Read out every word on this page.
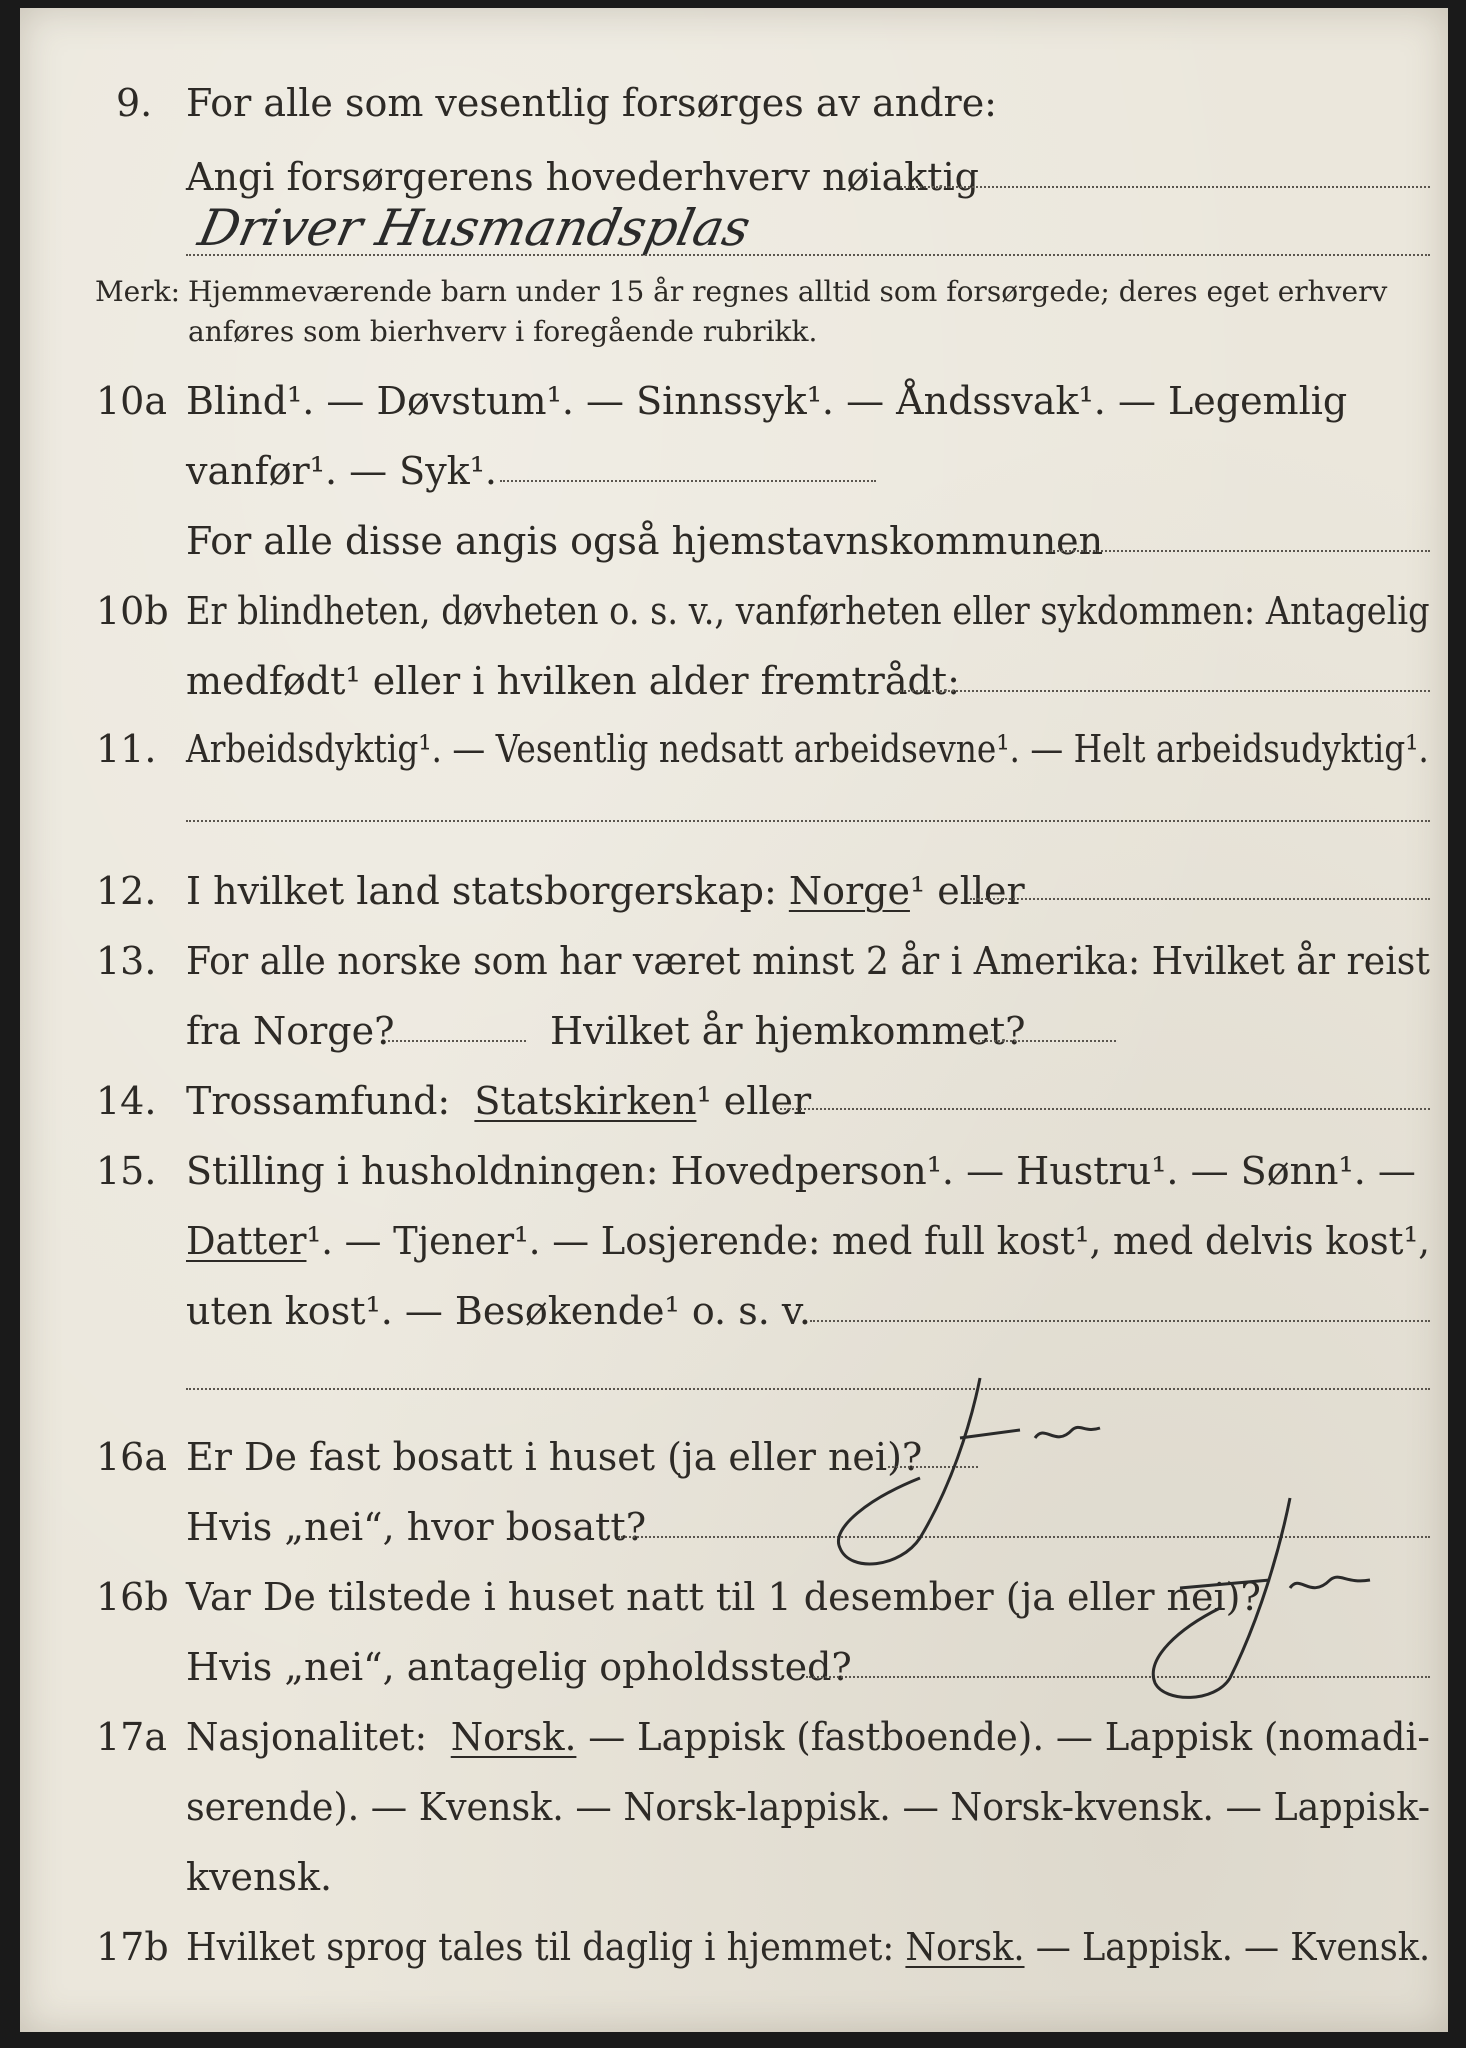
9. For alle som vesentlig forsørges av andre:
Angi forsørgerens hovederhverv nøiaktig
Driver Husmandsplas
Merk: Hjemmeværende barn under 15 år regnes alltid som forsørgede; deres eget erhverv
anføres som bierhverv i foregående rubrikk.
10a Blind¹. — Døvstum¹. — Sinnssyk¹. — Åndssvak¹. — Legemlig
vanfør¹. — Syk¹.
For alle disse angis også hjemstavnskommunen
10b Er blindheten, døvheten o. s. v., vanførheten eller sykdommen: Antagelig
medfødt¹ eller i hvilken alder fremtrådt:
11. Arbeidsdyktig¹. — Vesentlig nedsatt arbeidsevne¹. — Helt arbeidsudyktig¹.
12. I hvilket land statsborgerskap: Norge¹ eller
13. For alle norske som har været minst 2 år i Amerika: Hvilket år reist
fra Norge?	Hvilket år hjemkommet?
14. Trossamfund: Statskirken¹ eller
15. Stilling i husholdningen: Hovedperson¹. — Hustru¹. — Sønn¹. —
Datter¹. — Tjener¹. — Losjerende: med full kost¹, med delvis kost¹,
uten kost¹. — Besøkende¹ o. s. v.
16a Er De fast bosatt i huset (ja eller nei)?
Hvis „nei“, hvor bosatt?
16b Var De tilstede i huset natt til 1 desember (ja eller nei)?
Hvis „nei“, antagelig opholdssted?
17a Nasjonalitet: Norsk. — Lappisk (fastboende). — Lappisk (nomadi-
serende). — Kvensk. — Norsk-lappisk. — Norsk-kvensk. — Lappisk-
kvensk.
17b Hvilket sprog tales til daglig i hjemmet: Norsk. — Lappisk. — Kvensk.
